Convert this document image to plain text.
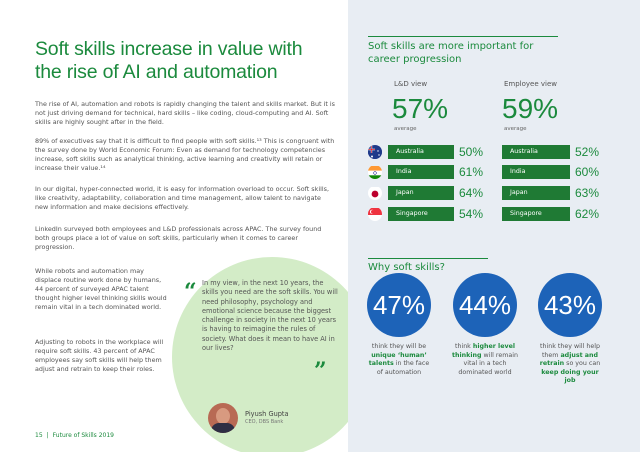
Soft skills increase in value with
the rise of AI and automation

The rise of AI, automation and robots is rapidly changing the talent and skills market. But it is not just driving demand for technical, hard skills – like coding, cloud-computing and AI. Soft skills are highly sought after in the field.

89% of executives say that it is difficult to find people with soft skills.¹³ This is congruent with the survey done by World Economic Forum: Even as demand for technology competencies increase, soft skills such as analytical thinking, active learning and creativity will retain or increase their value.¹⁴

In our digital, hyper-connected world, it is easy for information overload to occur. Soft skills, like creativity, adaptability, collaboration and time management, allow talent to navigate new information and make decisions effectively.

LinkedIn surveyed both employees and L&D professionals across APAC. The survey found both groups place a lot of value on soft skills, particularly when it comes to career progression.

While robots and automation may displace routine work done by humans, 44 percent of surveyed APAC talent thought higher level thinking skills would remain vital in a tech dominated world.

Adjusting to robots in the workplace will require soft skills. 43 percent of APAC employees say soft skills will help them adjust and retrain to keep their roles.

“ In my view, in the next 10 years, the skills you need are the soft skills. You will need philosophy, psychology and emotional science because the biggest challenge in society in the next 10 years is having to reimagine the rules of society. What does it mean to have AI in our lives?

”
Piyush Gupta
CEO, DBS Bank
15 | Future of Skills 2019
Soft skills are more important for career progression
L&D view
57%
average
Employee view
59%
average
Australia	50%
India	61%
Japan	64%
Singapore	54%
Australia	52%
India	60%
Japan	63%
Singapore	62%
Why soft skills?
47% 44% 43%
think they will be unique ‘human’ talents in the face of automation
think higher level thinking will remain vital in a tech dominated world
think they will help them adjust and retrain so you can keep doing your job
